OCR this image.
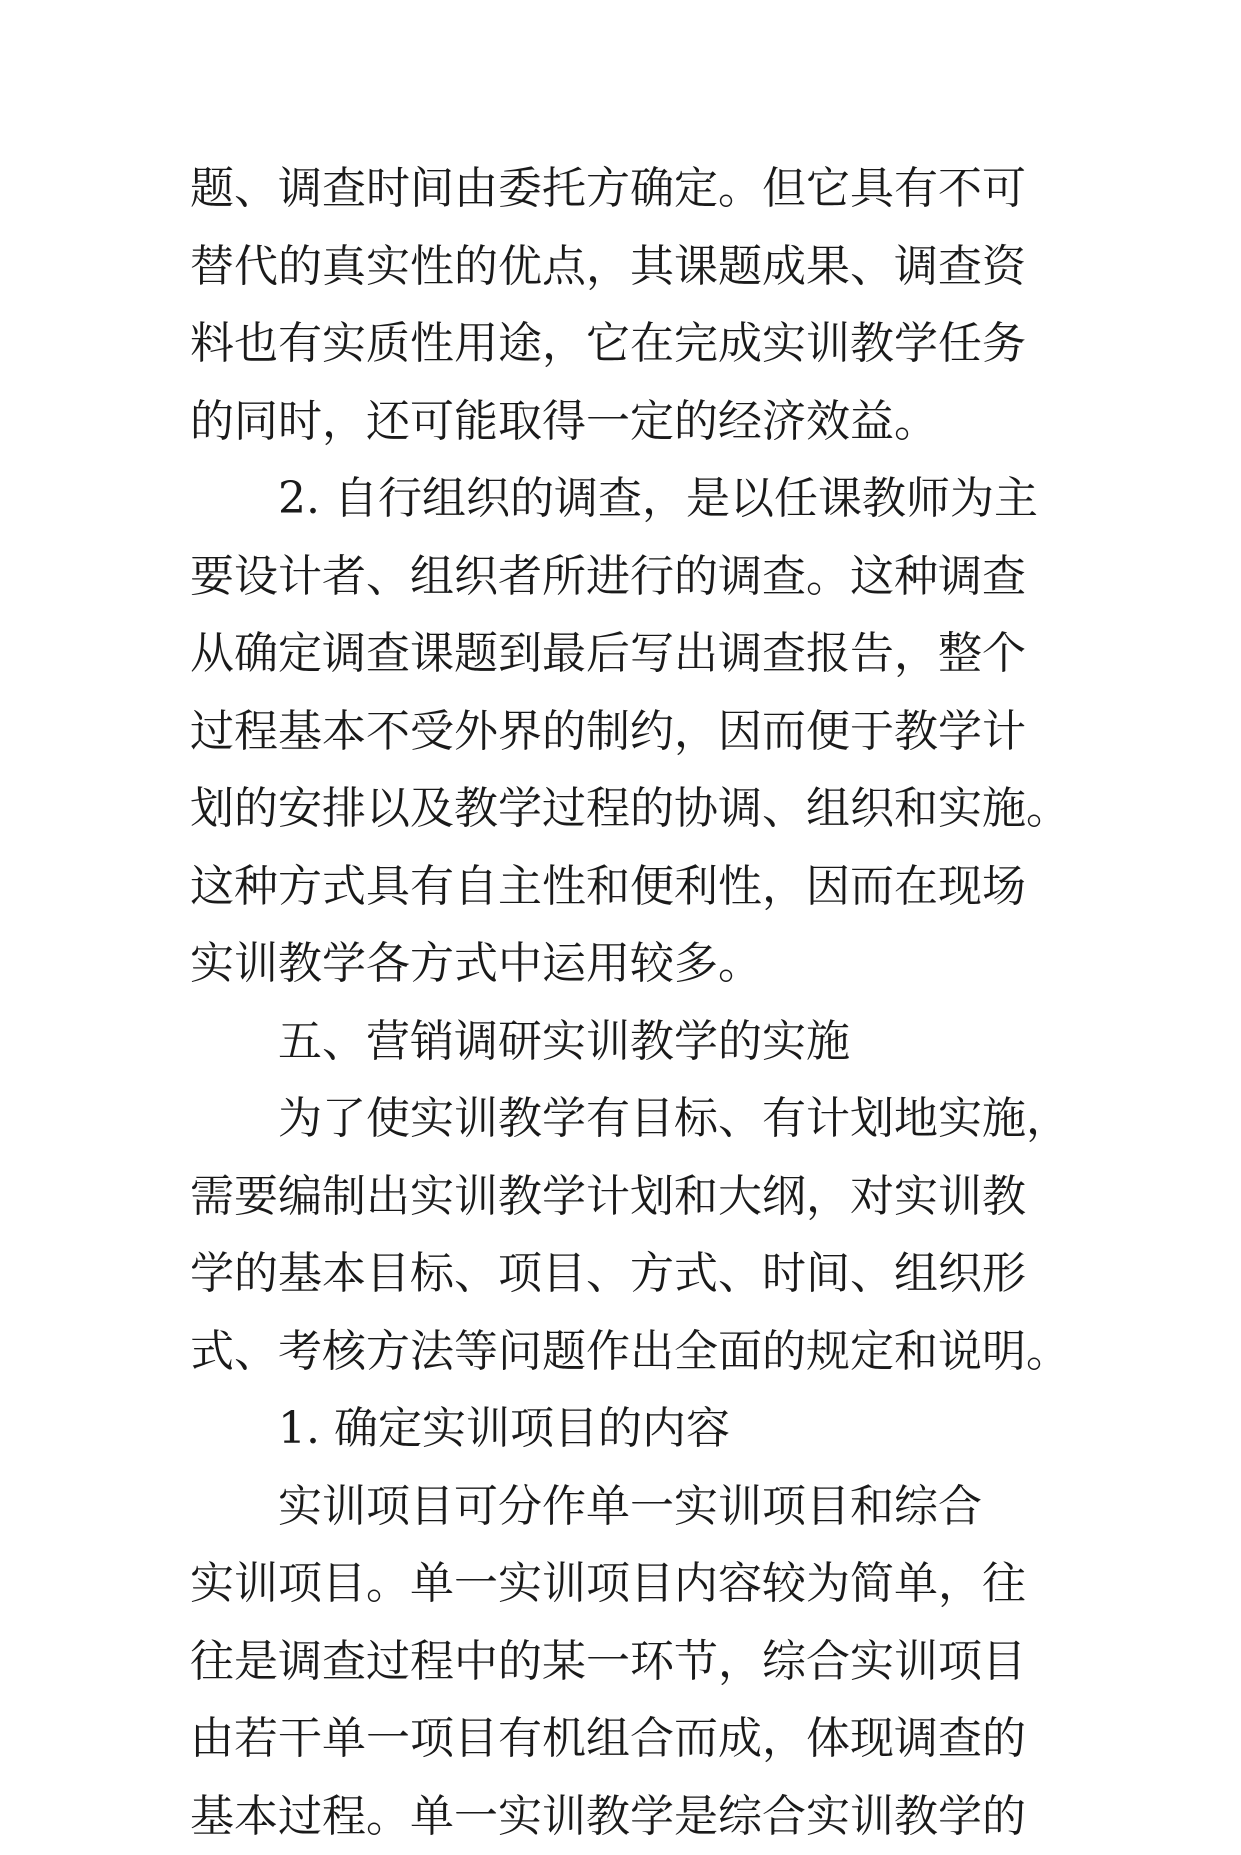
题、调查时间由委托方确定。但它具有不可
替代的真实性的优点，其课题成果、调查资
料也有实质性用途，它在完成实训教学任务
的同时，还可能取得一定的经济效益。
2. 自行组织的调查，是以任课教师为主
要设计者、组织者所进行的调查。这种调查
从确定调查课题到最后写出调查报告，整个
过程基本不受外界的制约，因而便于教学计
划的安排以及教学过程的协调、组织和实施。
这种方式具有自主性和便利性，因而在现场
实训教学各方式中运用较多。
五、营销调研实训教学的实施
为了使实训教学有目标、有计划地实施，
需要编制出实训教学计划和大纲，对实训教
学的基本目标、项目、方式、时间、组织形
式、考核方法等问题作出全面的规定和说明。
1. 确定实训项目的内容
实训项目可分作单一实训项目和综合
实训项目。单一实训项目内容较为简单，往
往是调查过程中的某一环节，综合实训项目
由若干单一项目有机组合而成，体现调查的
基本过程。单一实训教学是综合实训教学的
